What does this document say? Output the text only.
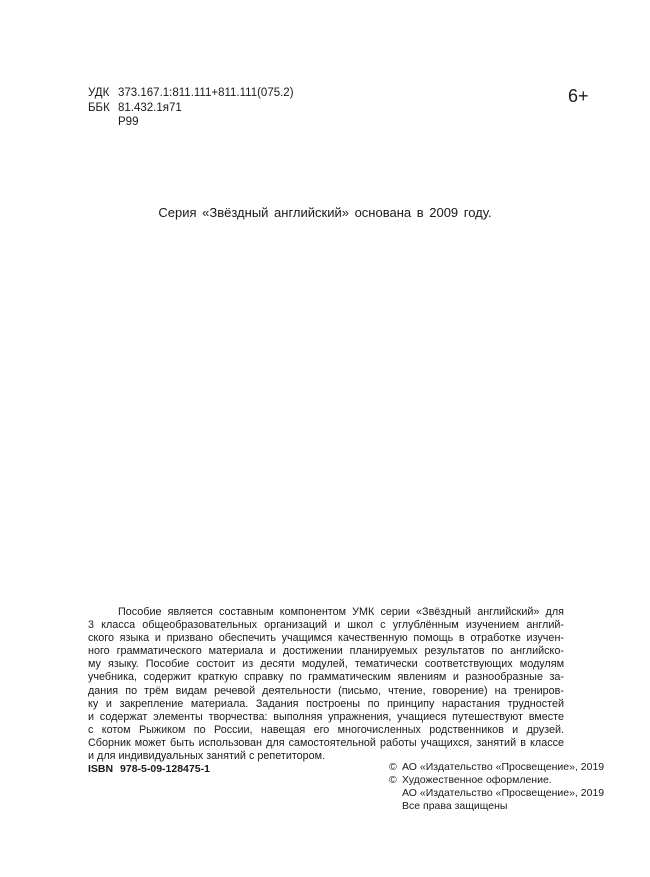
УДК 373.167.1:811.111+811.111(075.2)
ББК 81.432.1я71
Р99
6+
Серия «Звёздный английский» основана в 2009 году.
Пособие является составным компонентом УМК серии «Звёздный английский» для
3 класса общеобразовательных организаций и школ с углублённым изучением англий-
ского языка и призвано обеспечить учащимся качественную помощь в отработке изучен-
ного грамматического материала и достижении планируемых результатов по английско-
му языку. Пособие состоит из десяти модулей, тематически соответствующих модулям
учебника, содержит краткую справку по грамматическим явлениям и разнообразные за-
дания по трём видам речевой деятельности (письмо, чтение, говорение) на трениров-
ку и закрепление материала. Задания построены по принципу нарастания трудностей
и содержат элементы творчества: выполняя упражнения, учащиеся путешествуют вместе
с котом Рыжиком по России, навещая его многочисленных родственников и друзей.
Сборник может быть использован для самостоятельной работы учащихся, занятий в классе
и для индивидуальных занятий с репетитором.
ISBN 978-5-09-128475-1	© АО «Издательство «Просвещение», 2019
© Художественное оформление.
АО «Издательство «Просвещение», 2019
Все права защищены
